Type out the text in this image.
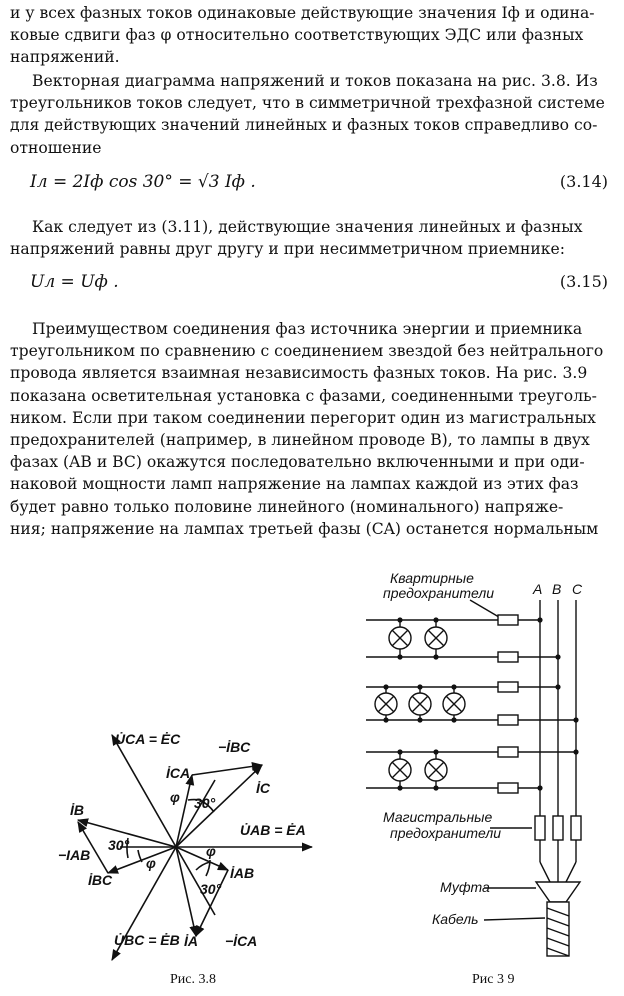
и у всех фазных токов одинаковые действующие значения Iф и одина-
ковые сдвиги фаз φ относительно соответствующих ЭДС или фазных
напряжений.
Векторная диаграмма напряжений и токов показана на рис. 3.8. Из
треугольников токов следует, что в симметричной трехфазной системе
для действующих значений линейных и фазных токов справедливо со-
отношение
Iл = 2Iф cos 30° = √3 Iф .	(3.14)
Как следует из (3.11), действующие значения линейных и фазных
напряжений равны друг другу и при несимметричном приемнике:
Uл = Uф .	(3.15)
Преимуществом соединения фаз источника энергии и приемника
треугольником по сравнению с соединением звездой без нейтрального
провода является взаимная независимость фазных токов. На рис. 3.9
показана осветительная установка с фазами, соединенными треуголь-
ником. Если при таком соединении перегорит один из магистральных
предохранителей (например, в линейном проводе B), то лампы в двух
фазах (AB и BC) окажутся последовательно включенными и при оди-
наковой мощности ламп напряжение на лампах каждой из этих фаз
будет равно только половине линейного (номинального) напряже-
ния; напряжение на лампах третьей фазы (CA) останется нормальным
U̇CA = ĖC
U̇AB = ĖA
U̇BC = ĖB
−İBC
İCA
İC
İB
−IAB
İBC	İAB
İA −İCA
φ 30°
30°
φ
φ
30°
Рис. 3.8
Квартирные
предохранители	A B C
Магистральные
предохранители
Муфта
Кабель
Рис 3 9
